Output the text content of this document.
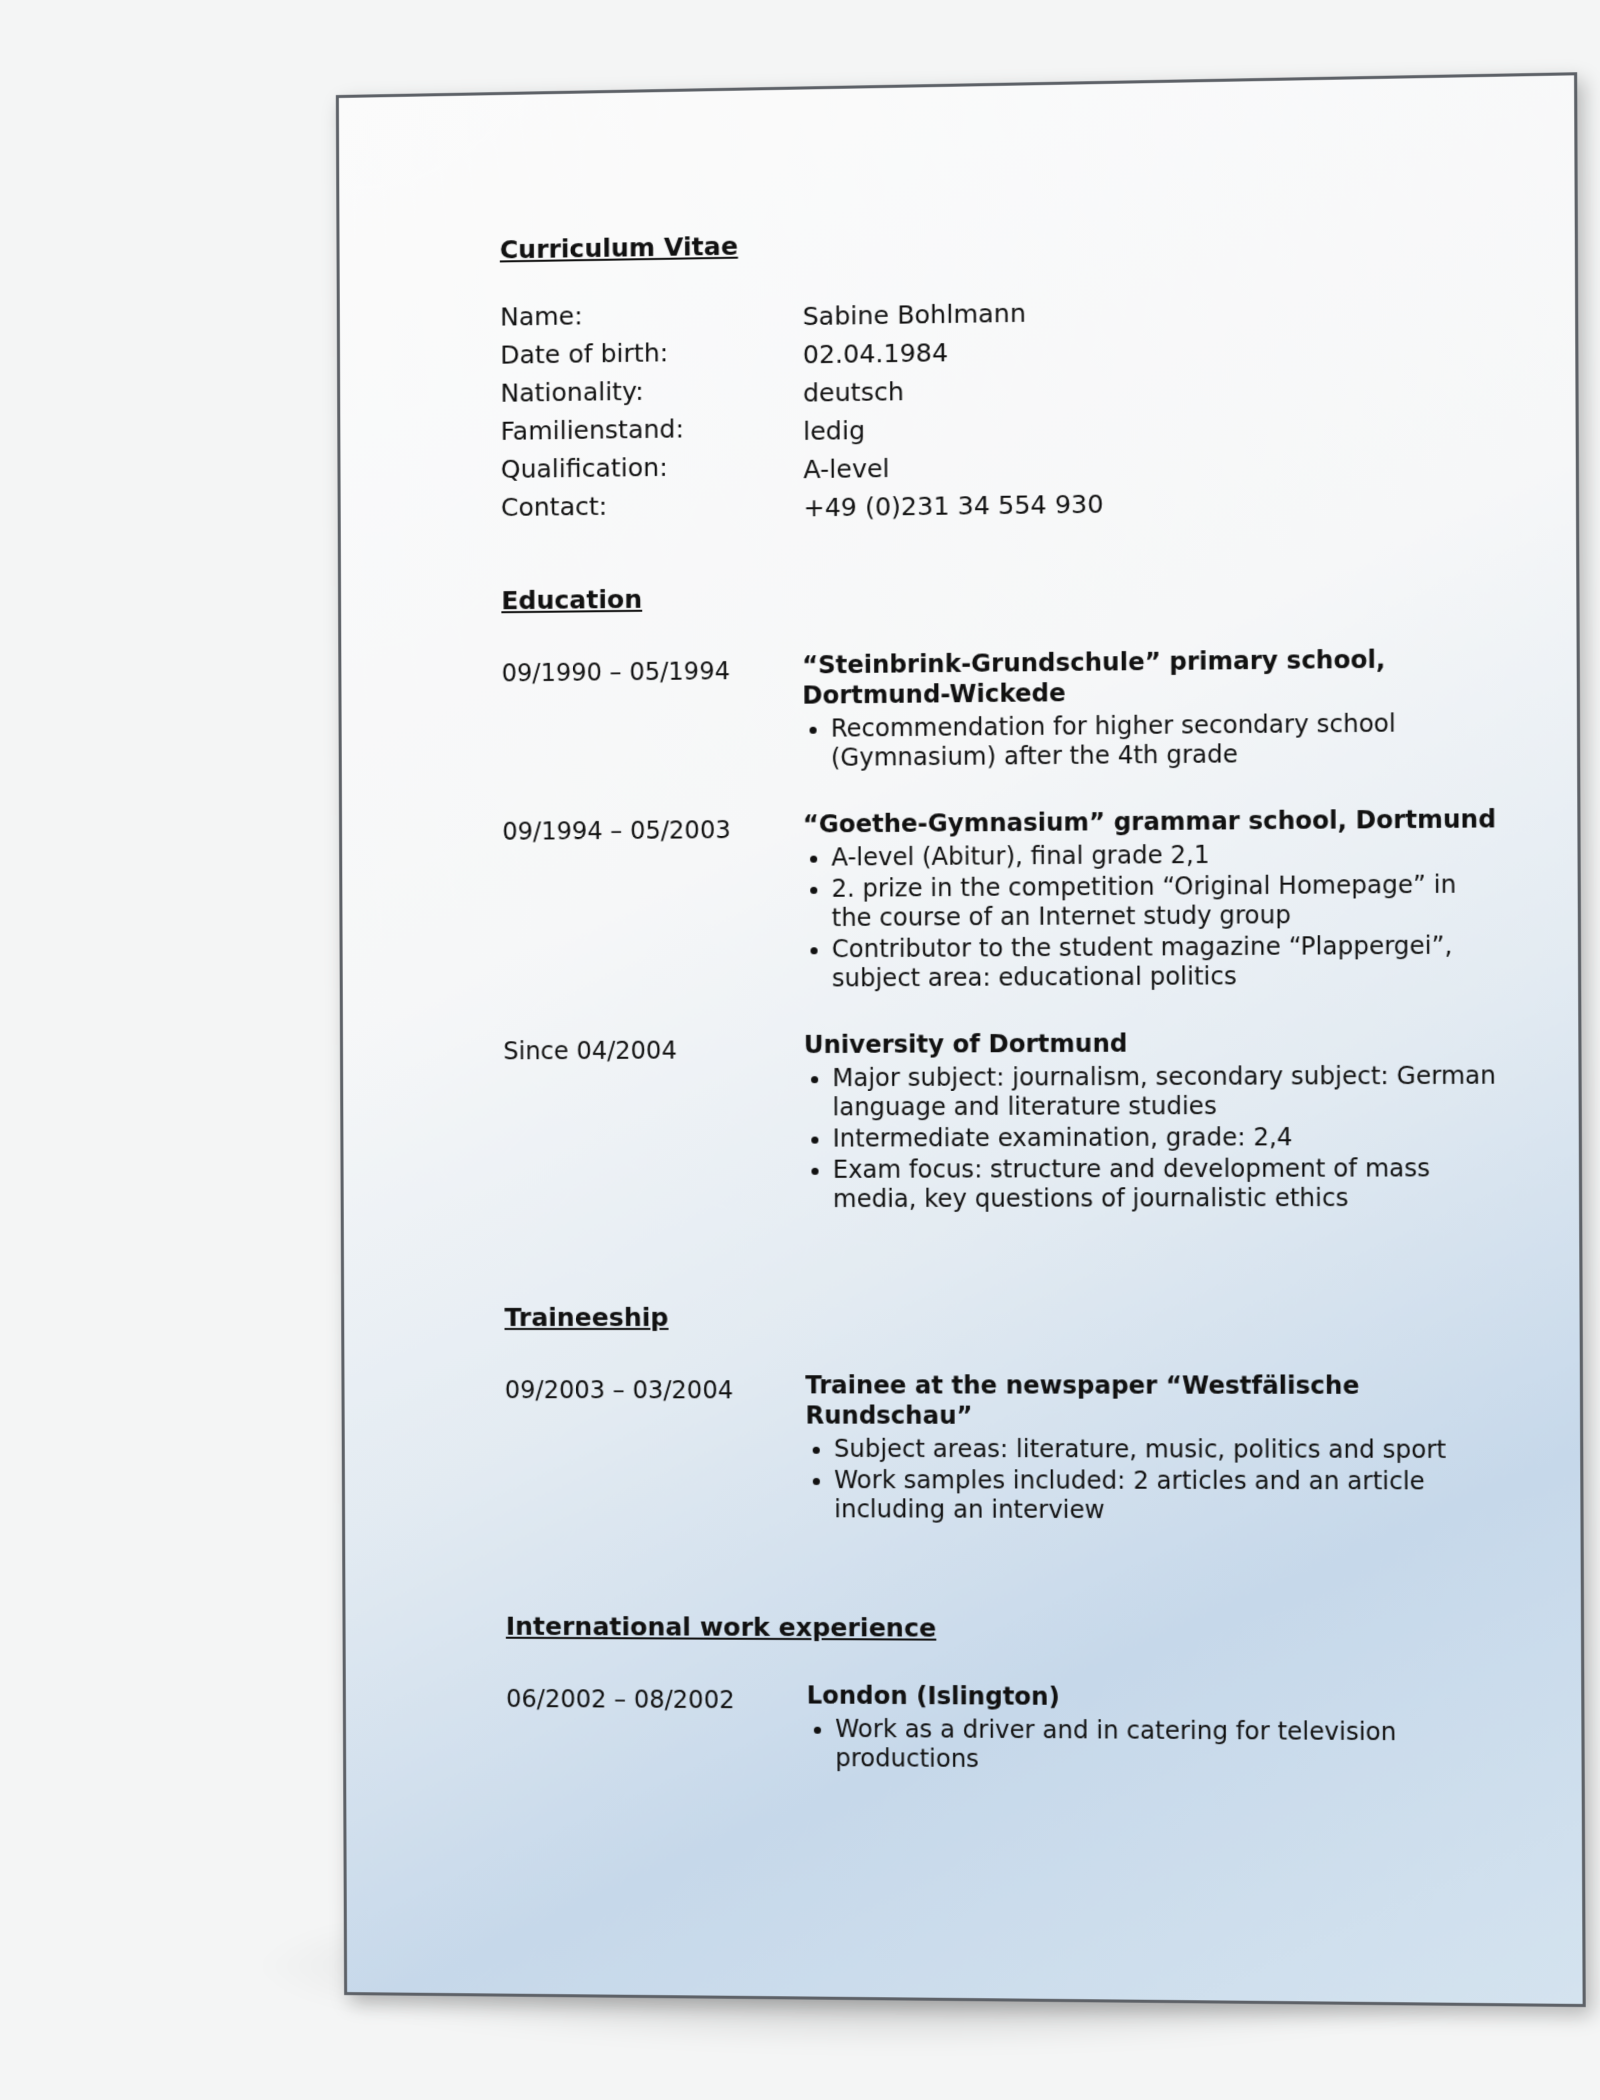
Curriculum Vitae
Name:	Sabine Bohlmann
Date of birth:	02.04.1984
Nationality:	deutsch
Familienstand:	ledig
Qualification:	A-level
Contact:	+49 (0)231 34 554 930
Education
09/1990 – 05/1994	“Steinbrink-Grundschule” primary school, Dortmund-Wickede
• Recommendation for higher secondary school (Gymnasium) after the 4th grade
09/1994 – 05/2003	“Goethe-Gymnasium” grammar school, Dortmund
• A-level (Abitur), final grade 2,1
• 2. prize in the competition “Original Homepage” in the course of an Internet study group
• Contributor to the student magazine “Plappergei”, subject area: educational politics
Since 04/2004	University of Dortmund
• Major subject: journalism, secondary subject: German language and literature studies
• Intermediate examination, grade: 2,4
• Exam focus: structure and development of mass media, key questions of journalistic ethics
Traineeship
09/2003 – 03/2004	Trainee at the newspaper “Westfälische Rundschau”
• Subject areas: literature, music, politics and sport
• Work samples included: 2 articles and an article including an interview
International work experience
06/2002 – 08/2002	London (Islington)
• Work as a driver and in catering for television productions
